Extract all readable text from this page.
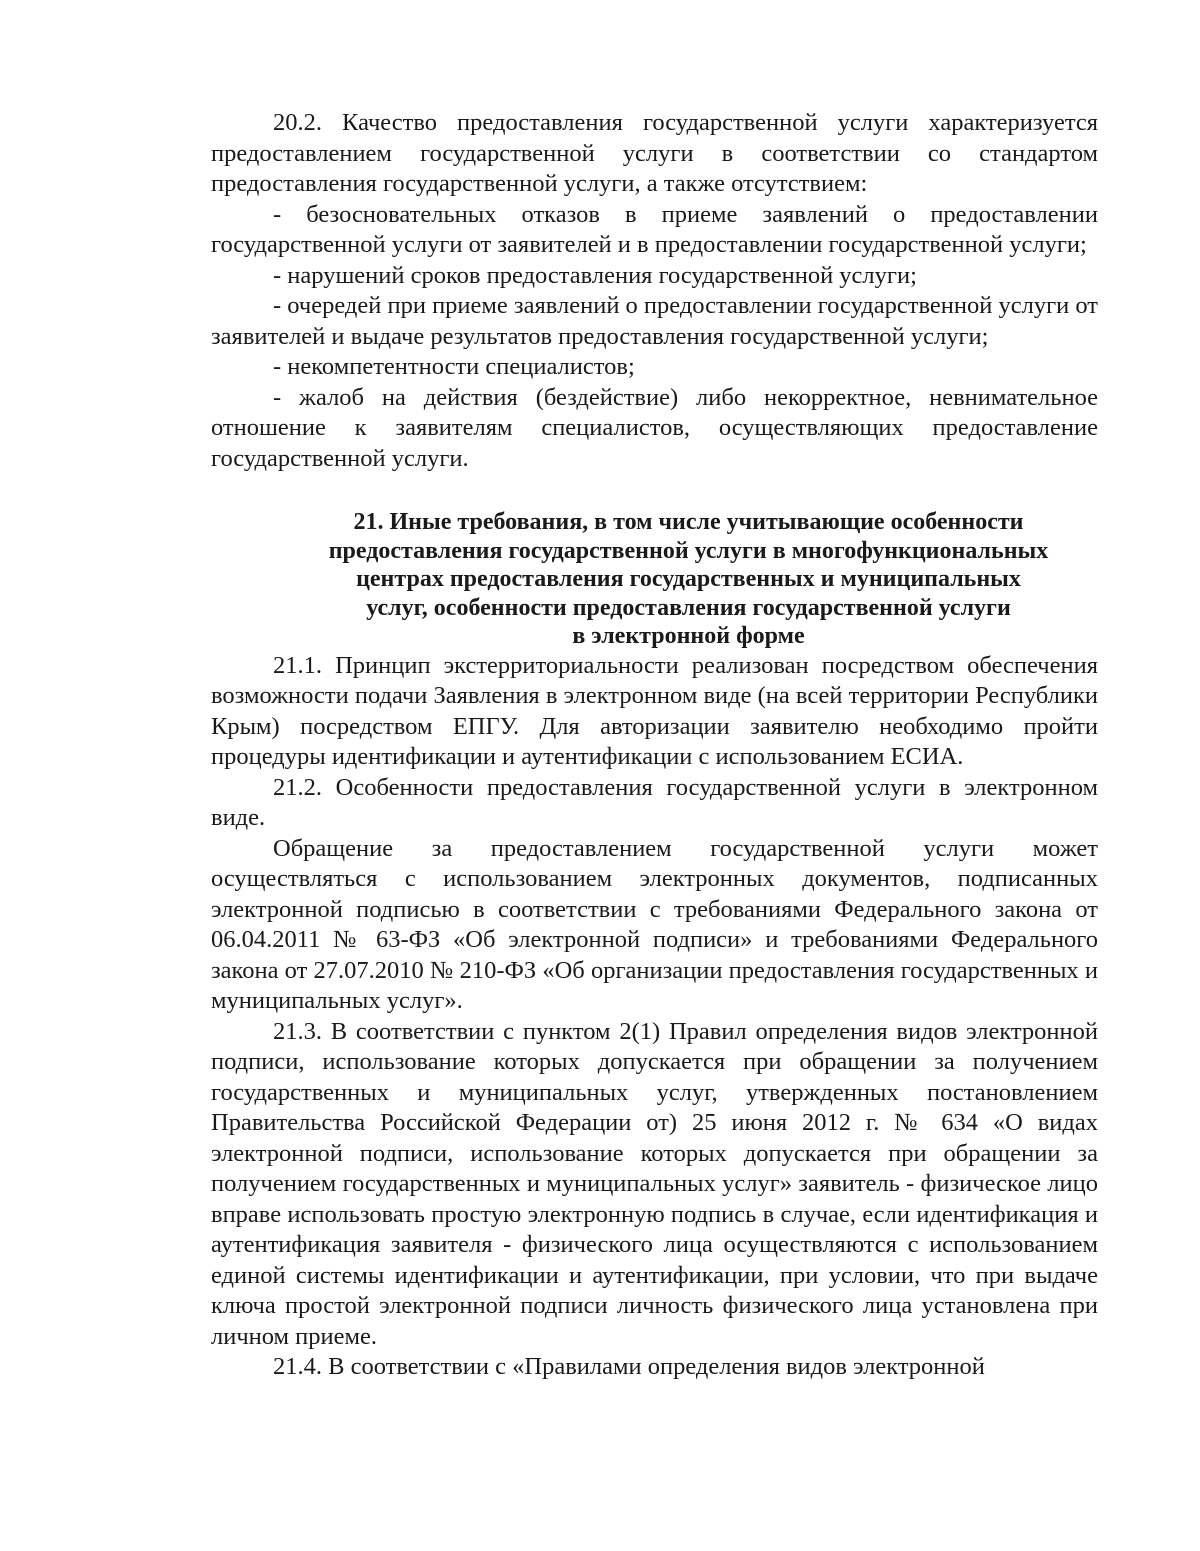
20.2. Качество предоставления государственной услуги характеризуется предоставлением государственной услуги в соответствии со стандартом предоставления государственной услуги, а также отсутствием:

- безосновательных отказов в приеме заявлений о предоставлении государственной услуги от заявителей и в предоставлении государственной услуги;

- нарушений сроков предоставления государственной услуги;

- очередей при приеме заявлений о предоставлении государственной услуги от заявителей и выдаче результатов предоставления государственной услуги;

- некомпетентности специалистов;

- жалоб на действия (бездействие) либо некорректное, невнимательное отношение к заявителям специалистов, осуществляющих предоставление государственной услуги.

21. Иные требования, в том числе учитывающие особенности
предоставления государственной услуги в многофункциональных
центрах предоставления государственных и муниципальных
услуг, особенности предоставления государственной услуги
в электронной форме

21.1. Принцип экстерриториальности реализован посредством обеспечения возможности подачи Заявления в электронном виде (на всей территории Республики Крым) посредством ЕПГУ. Для авторизации заявителю необходимо пройти процедуры идентификации и аутентификации с использованием ЕСИА.

21.2. Особенности предоставления государственной услуги в электронном виде.

Обращение за предоставлением государственной услуги может осуществляться с использованием электронных документов, подписанных электронной подписью в соответствии с требованиями Федерального закона от 06.04.2011 № 63-ФЗ «Об электронной подписи» и требованиями Федерального закона от 27.07.2010 № 210-ФЗ «Об организации предоставления государственных и муниципальных услуг».

21.3. В соответствии с пунктом 2(1) Правил определения видов электронной подписи, использование которых допускается при обращении за получением государственных и муниципальных услуг, утвержденных постановлением Правительства Российской Федерации от) 25 июня 2012 г. № 634 «О видах электронной подписи, использование которых допускается при обращении за получением государственных и муниципальных услуг» заявитель - физическое лицо вправе использовать простую электронную подпись в случае, если идентификация и аутентификация заявителя - физического лица осуществляются с использованием единой системы идентификации и аутентификации, при условии, что при выдаче ключа простой электронной подписи личность физического лица установлена при личном приеме.

21.4. В соответствии с «Правилами определения видов электронной
